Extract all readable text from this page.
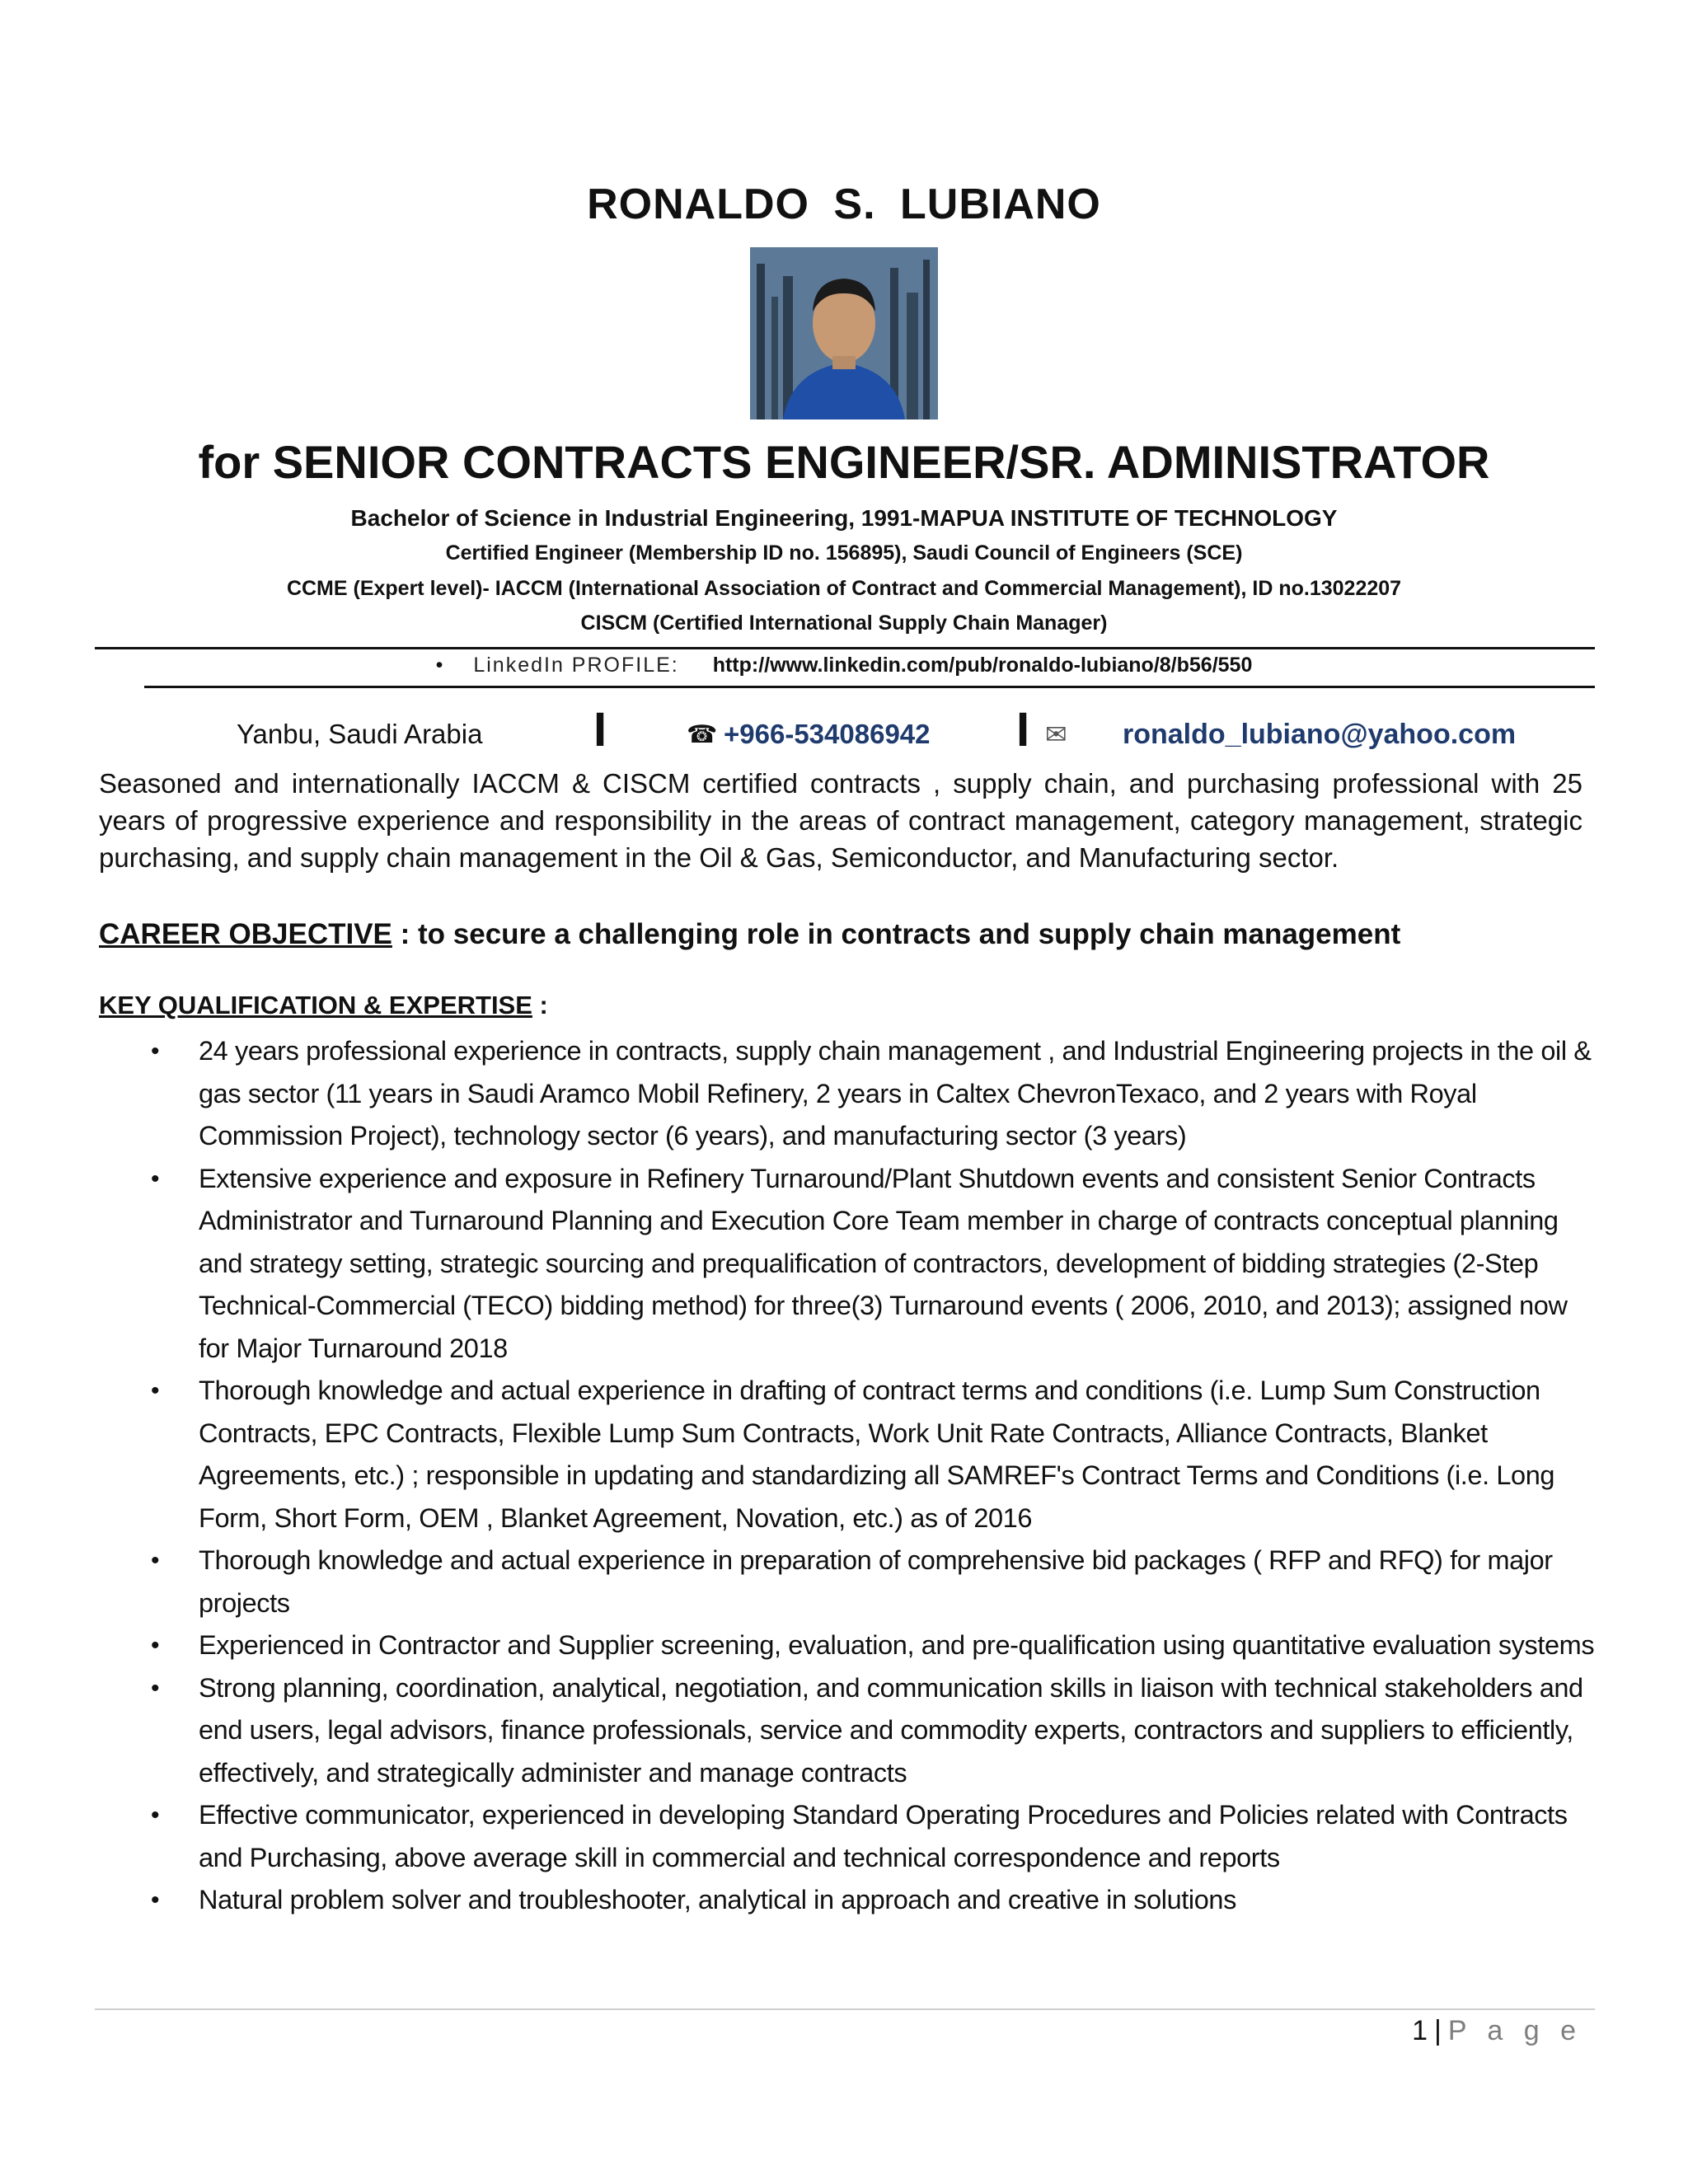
RONALDO S. LUBIANO
for SENIOR CONTRACTS ENGINEER/SR. ADMINISTRATOR
Bachelor of Science in Industrial Engineering, 1991-MAPUA INSTITUTE OF TECHNOLOGY
Certified Engineer (Membership ID no. 156895), Saudi Council of Engineers (SCE)
CCME (Expert level)- IACCM (International Association of Contract and Commercial Management), ID no.13022207
CISCM (Certified International Supply Chain Manager)
• LinkedIn PROFILE: http://www.linkedin.com/pub/ronaldo-lubiano/8/b56/550
Yanbu, Saudi Arabia I	☎ +966-534086942 I ✉ ronaldo_lubiano@yahoo.com
Seasoned and internationally IACCM & CISCM certified contracts , supply chain, and purchasing professional with 25 years of progressive experience and responsibility in the areas of contract management, category management, strategic purchasing, and supply chain management in the Oil & Gas, Semiconductor, and Manufacturing sector.
CAREER OBJECTIVE : to secure a challenging role in contracts and supply chain management
KEY QUALIFICATION & EXPERTISE :
• 24 years professional experience in contracts, supply chain management , and Industrial Engineering projects in the oil & gas sector (11 years in Saudi Aramco Mobil Refinery, 2 years in Caltex ChevronTexaco, and 2 years with Royal Commission Project), technology sector (6 years), and manufacturing sector (3 years)
• Extensive experience and exposure in Refinery Turnaround/Plant Shutdown events and consistent Senior Contracts Administrator and Turnaround Planning and Execution Core Team member in charge of contracts conceptual planning and strategy setting, strategic sourcing and prequalification of contractors, development of bidding strategies (2-Step Technical-Commercial (TECO) bidding method) for three(3) Turnaround events ( 2006, 2010, and 2013); assigned now for Major Turnaround 2018
• Thorough knowledge and actual experience in drafting of contract terms and conditions (i.e. Lump Sum Construction Contracts, EPC Contracts, Flexible Lump Sum Contracts, Work Unit Rate Contracts, Alliance Contracts, Blanket Agreements, etc.) ; responsible in updating and standardizing all SAMREF's Contract Terms and Conditions (i.e. Long Form, Short Form, OEM , Blanket Agreement, Novation, etc.) as of 2016
• Thorough knowledge and actual experience in preparation of comprehensive bid packages ( RFP and RFQ) for major projects
• Experienced in Contractor and Supplier screening, evaluation, and pre-qualification using quantitative evaluation systems
• Strong planning, coordination, analytical, negotiation, and communication skills in liaison with technical stakeholders and end users, legal advisors, finance professionals, service and commodity experts, contractors and suppliers to efficiently, effectively, and strategically administer and manage contracts
• Effective communicator, experienced in developing Standard Operating Procedures and Policies related with Contracts and Purchasing, above average skill in commercial and technical correspondence and reports
• Natural problem solver and troubleshooter, analytical in approach and creative in solutions
1 | P a g e
